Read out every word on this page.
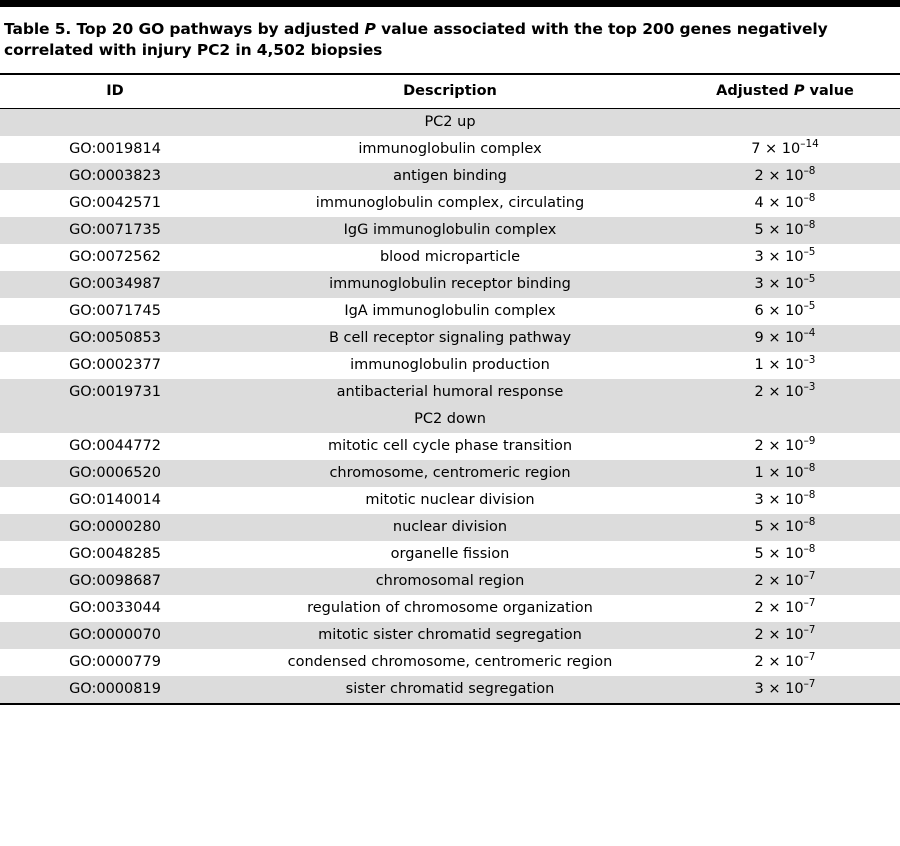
Table 5. Top 20 GO pathways by adjusted P value associated with the top 200 genes negatively correlated with injury PC2 in 4,502 biopsies
ID	Description	Adjusted P value
PC2 up		
GO:0019814	immunoglobulin complex	$7 \times 10^{-14}$
GO:0003823	antigen binding	$2 \times 10^{-8}$
GO:0042571	immunoglobulin complex, circulating	$4 \times 10^{-8}$
GO:0071735	IgG immunoglobulin complex	$5 \times 10^{-8}$
GO:0072562	blood microparticle	$3 \times 10^{-5}$
GO:0034987	immunoglobulin receptor binding	$3 \times 10^{-5}$
GO:0071745	IgA immunoglobulin complex	$6 \times 10^{-5}$
GO:0050853	B cell receptor signaling pathway	$9 \times 10^{-4}$
GO:0002377	immunoglobulin production	$1 \times 10^{-3}$
GO:0019731	antibacterial humoral response	$2 \times 10^{-3}$
PC2 down		
GO:0044772	mitotic cell cycle phase transition	$2 \times 10^{-9}$
GO:0006520	chromosome, centromeric region	$1 \times 10^{-8}$
GO:0140014	mitotic nuclear division	$3 \times 10^{-8}$
GO:0000280	nuclear division	$5 \times 10^{-8}$
GO:0048285	organelle fission	$5 \times 10^{-8}$
GO:0098687	chromosomal region	$2 \times 10^{-7}$
GO:0033044	regulation of chromosome organization	$2 \times 10^{-7}$
GO:0000070	mitotic sister chromatid segregation	$2 \times 10^{-7}$
GO:0000779	condensed chromosome, centromeric region	$2 \times 10^{-7}$
GO:0000819	sister chromatid segregation	$3 \times 10^{-7}$
